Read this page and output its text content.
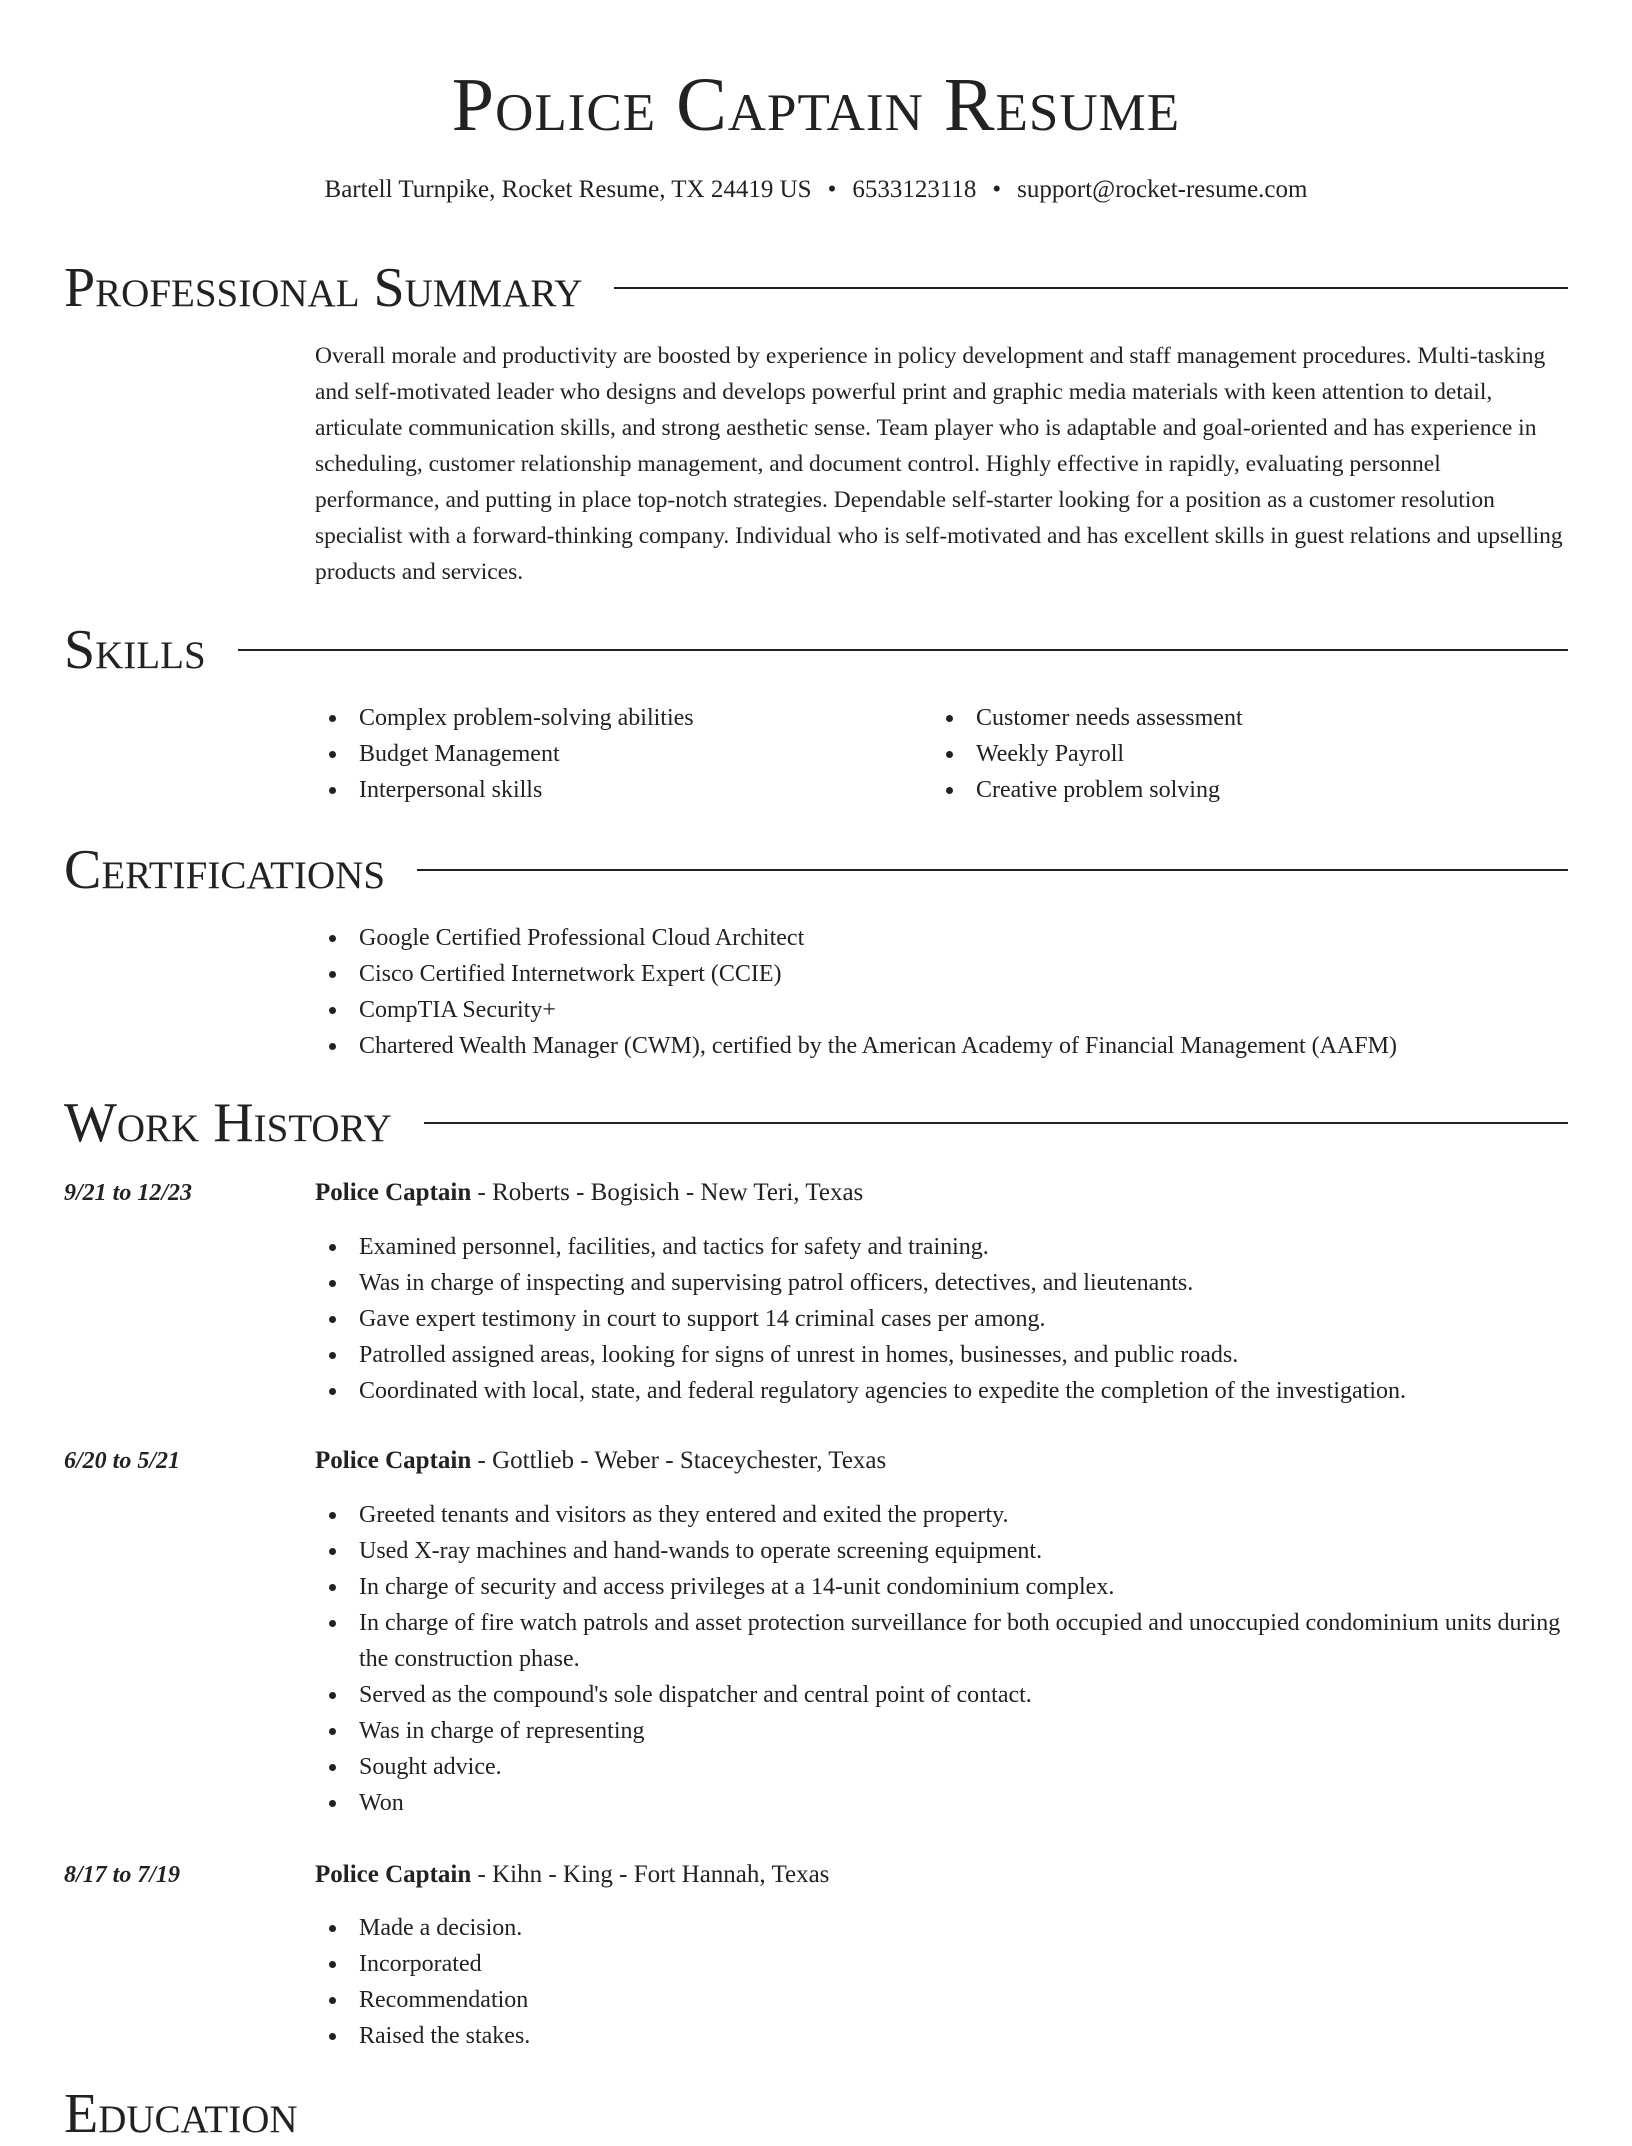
Police Captain Resume
Bartell Turnpike, Rocket Resume, TX 24419 US • 6533123118 • support@rocket-resume.com
Professional Summary

Overall morale and productivity are boosted by experience in policy development and staff management procedures. Multi-tasking and self-motivated leader who designs and develops powerful print and graphic media materials with keen attention to detail, articulate communication skills, and strong aesthetic sense. Team player who is adaptable and goal-oriented and has experience in scheduling, customer relationship management, and document control. Highly effective in rapidly, evaluating personnel performance, and putting in place top-notch strategies. Dependable self-starter looking for a position as a customer resolution specialist with a forward-thinking company. Individual who is self-motivated and has excellent skills in guest relations and upselling products and services.

Skills
Complex problem-solving abilities
Budget Management
Interpersonal skills
Customer needs assessment
Weekly Payroll
Creative problem solving
Certifications
Google Certified Professional Cloud Architect
Cisco Certified Internetwork Expert (CCIE)
CompTIA Security+
Chartered Wealth Manager (CWM), certified by the American Academy of Financial Management (AAFM)
Work History
9/21 to 12/23	Police Captain - Roberts - Bogisich - New Teri, Texas
Examined personnel, facilities, and tactics for safety and training.
Was in charge of inspecting and supervising patrol officers, detectives, and lieutenants.
Gave expert testimony in court to support 14 criminal cases per among.
Patrolled assigned areas, looking for signs of unrest in homes, businesses, and public roads.
Coordinated with local, state, and federal regulatory agencies to expedite the completion of the investigation.
6/20 to 5/21	Police Captain - Gottlieb - Weber - Staceychester, Texas
Greeted tenants and visitors as they entered and exited the property.
Used X-ray machines and hand-wands to operate screening equipment.
In charge of security and access privileges at a 14-unit condominium complex.
In charge of fire watch patrols and asset protection surveillance for both occupied and unoccupied condominium units during the construction phase.
Served as the compound's sole dispatcher and central point of contact.
Was in charge of representing
Sought advice.
Won
8/17 to 7/19	Police Captain - Kihn - King - Fort Hannah, Texas
Made a decision.
Incorporated
Recommendation
Raised the stakes.
Education
